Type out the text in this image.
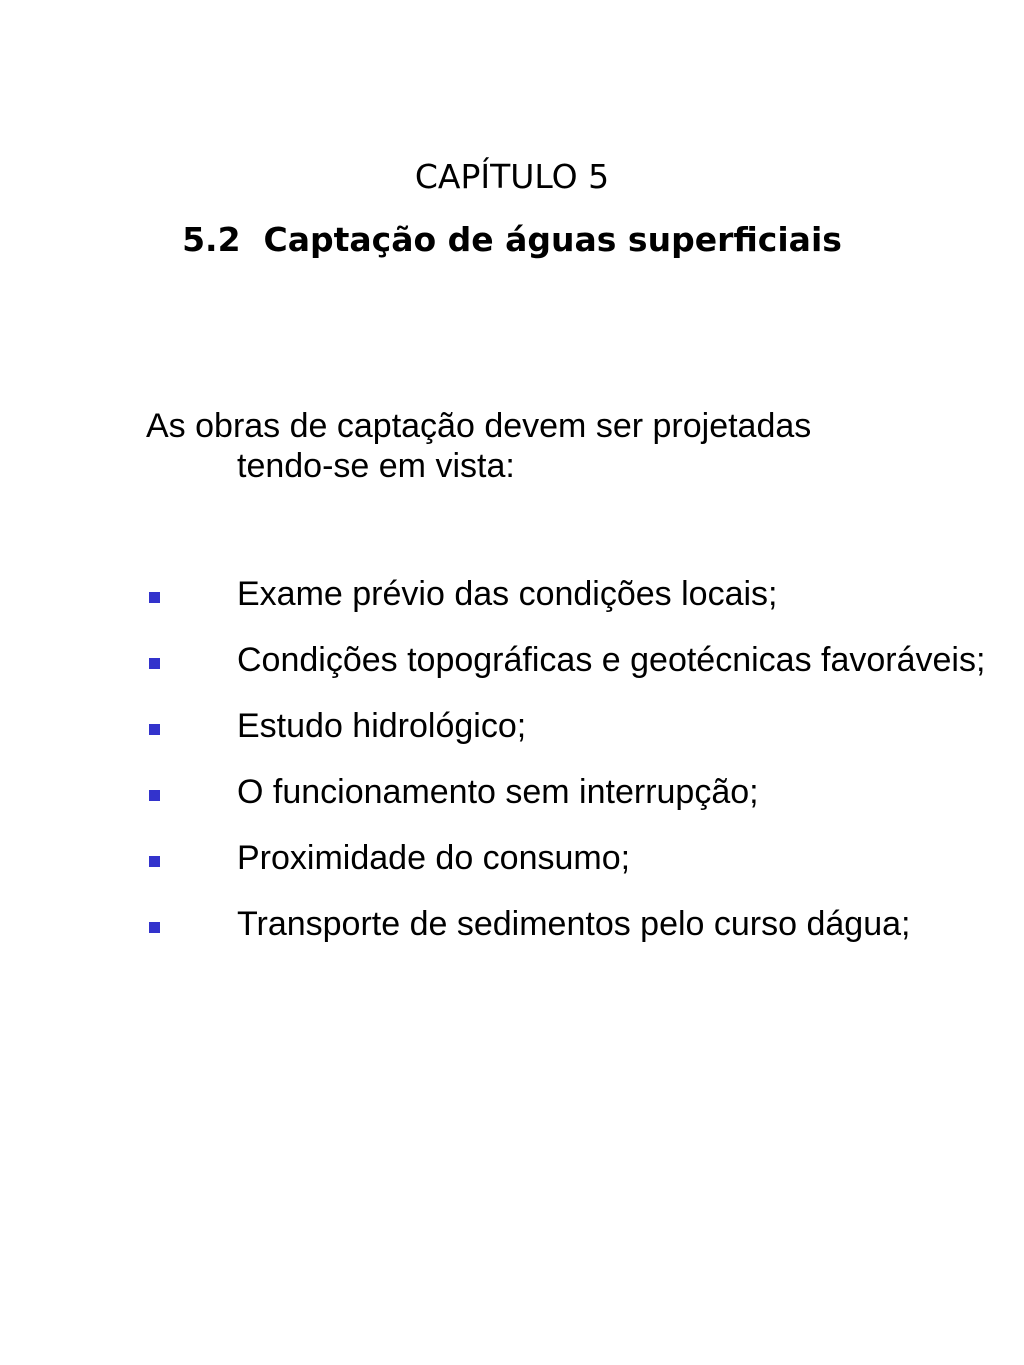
CAPÍTULO 5
5.2  Captação de águas superficiais

As obras de captação devem ser projetadas
tendo-se em vista:

Exame prévio das condições locais;
Condições topográficas e geotécnicas favoráveis;
Estudo hidrológico;
O funcionamento sem interrupção;
Proximidade do consumo;
Transporte de sedimentos pelo curso dágua;
